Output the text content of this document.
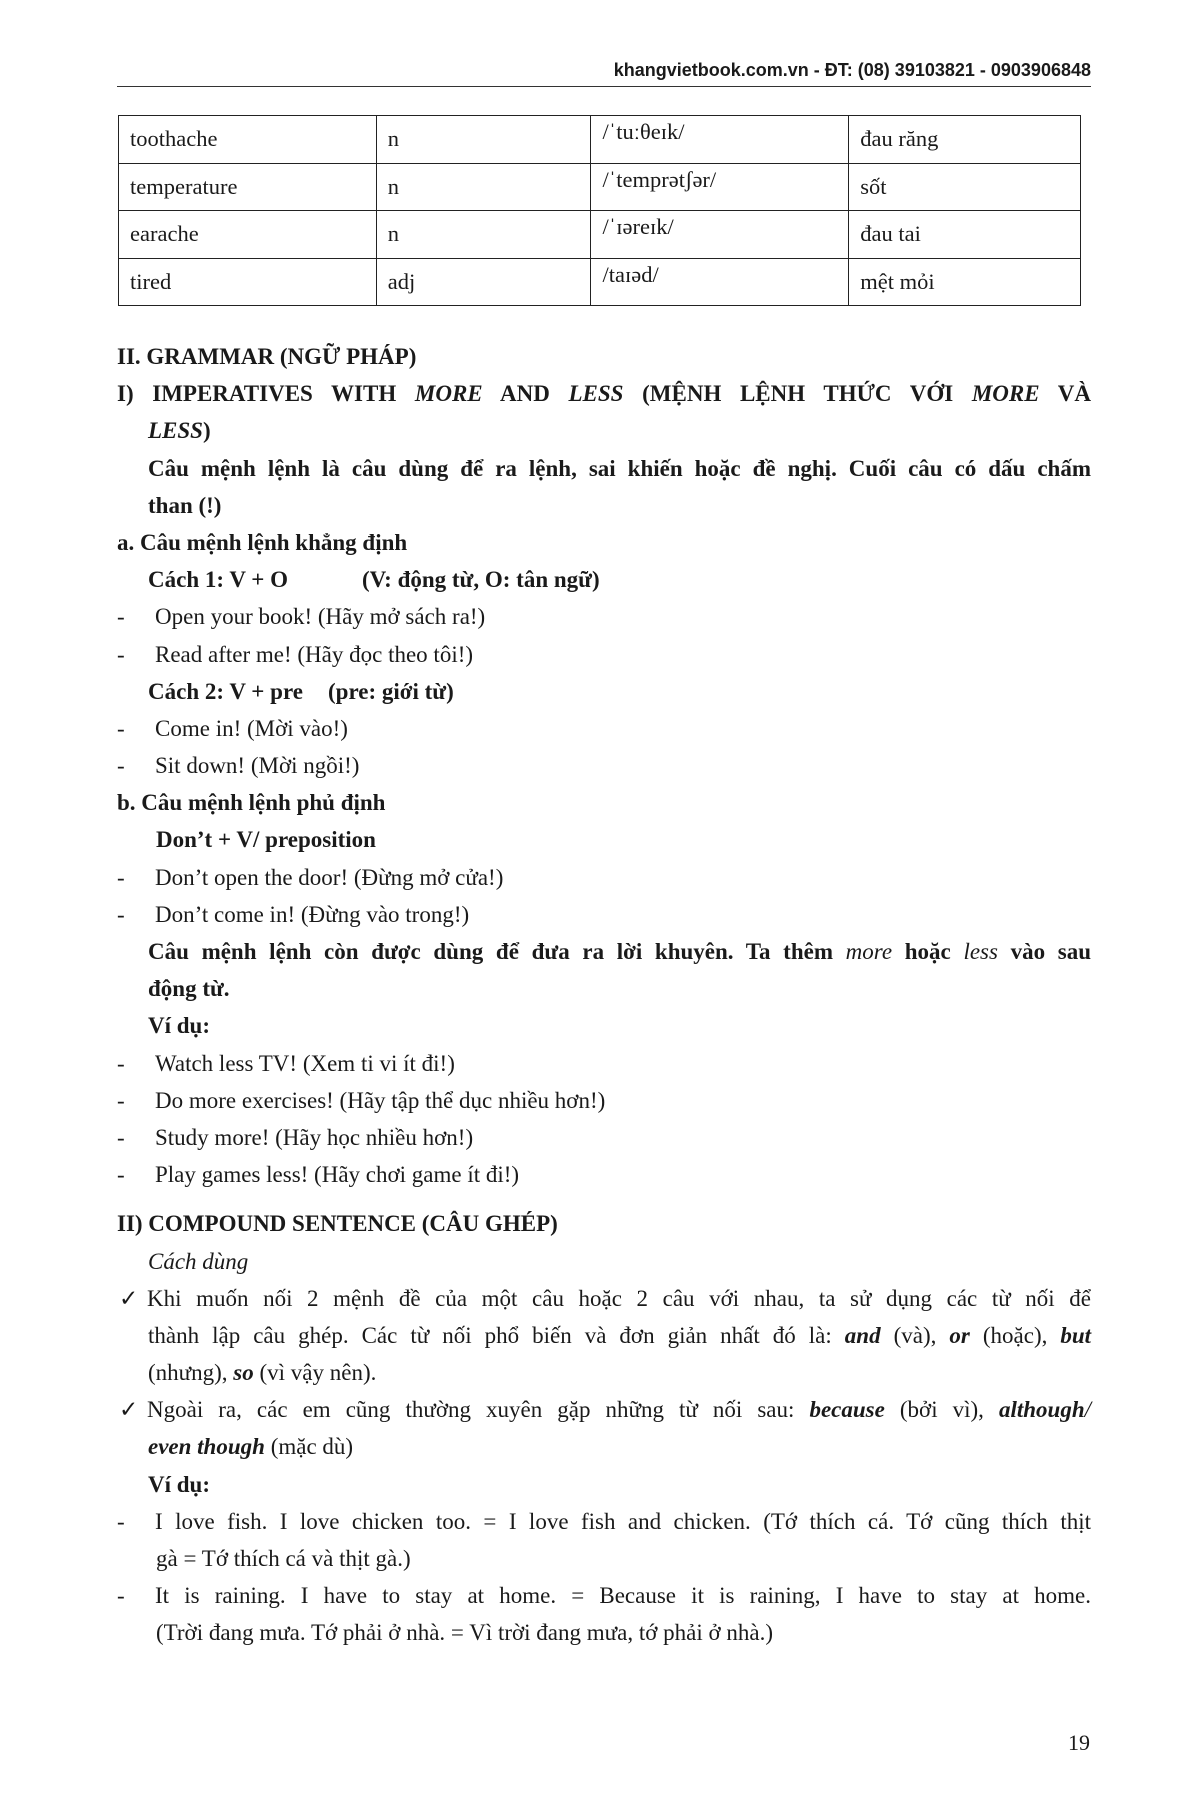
khangvietbook.com.vn - ĐT: (08) 39103821 - 0903906848
toothache	n	/ˈtuːθeɪk/	đau răng
temperature	n	/ˈtemprətʃər/	sốt
earache	n	/ˈɪəreɪk/	đau tai
tired	adj	/taɪəd/	mệt mỏi
II. GRAMMAR (NGỮ PHÁP)
I) IMPERATIVES WITH MORE AND LESS (MỆNH LỆNH THỨC VỚI MORE VÀ
LESS)
Câu mệnh lệnh là câu dùng để ra lệnh, sai khiến hoặc đề nghị. Cuối câu có dấu chấm
than (!)
a. Câu mệnh lệnh khẳng định
Cách 1: V + O	(V: động từ, O: tân ngữ)
- Open your book! (Hãy mở sách ra!)
- Read after me! (Hãy đọc theo tôi!)
Cách 2: V + pre (pre: giới từ)
- Come in! (Mời vào!)
- Sit down! (Mời ngồi!)
b. Câu mệnh lệnh phủ định
Don’t + V/ preposition
- Don’t open the door! (Đừng mở cửa!)
- Don’t come in! (Đừng vào trong!)
Câu mệnh lệnh còn được dùng để đưa ra lời khuyên. Ta thêm more hoặc less vào sau
động từ.
Ví dụ:
- Watch less TV! (Xem ti vi ít đi!)
- Do more exercises! (Hãy tập thể dục nhiều hơn!)
- Study more! (Hãy học nhiều hơn!)
- Play games less! (Hãy chơi game ít đi!)
II) COMPOUND SENTENCE (CÂU GHÉP)
Cách dùng
✓ Khi muốn nối 2 mệnh đề của một câu hoặc 2 câu với nhau, ta sử dụng các từ nối để
thành lập câu ghép. Các từ nối phổ biến và đơn giản nhất đó là: and (và), or (hoặc), but
(nhưng), so (vì vậy nên).
✓ Ngoài ra, các em cũng thường xuyên gặp những từ nối sau: because (bởi vì), although/
even though (mặc dù)
Ví dụ:
- I love fish. I love chicken too. = I love fish and chicken. (Tớ thích cá. Tớ cũng thích thịt
gà = Tớ thích cá và thịt gà.)
- It is raining. I have to stay at home. = Because it is raining, I have to stay at home.
(Trời đang mưa. Tớ phải ở nhà. = Vì trời đang mưa, tớ phải ở nhà.)
19
